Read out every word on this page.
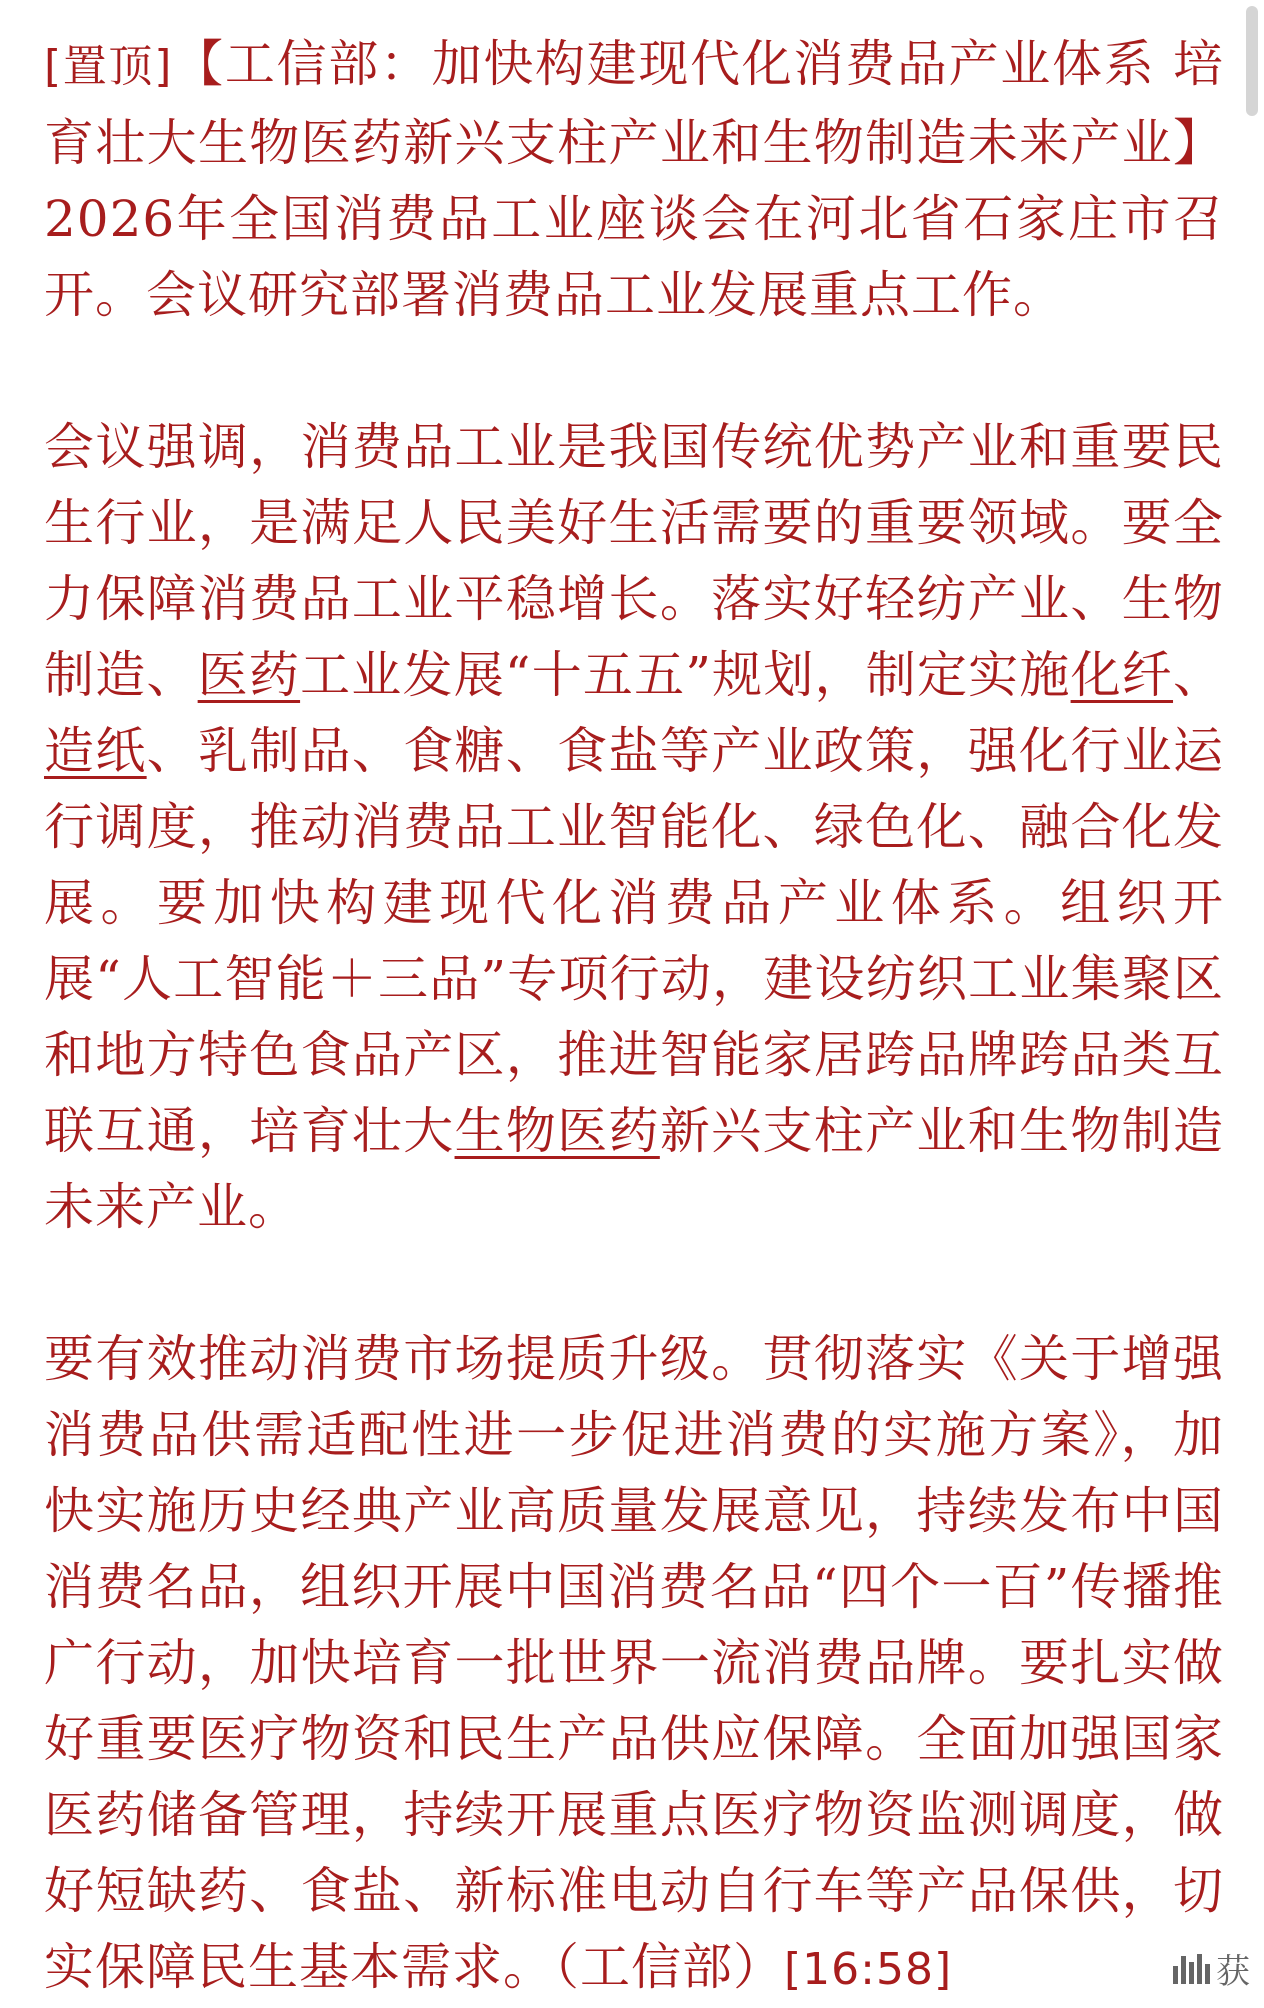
[置顶]【工信部：加快构建现代化消费品产业体系 培育壮大生物医药新兴支柱产业和生物制造未来产业】2026年全国消费品工业座谈会在河北省石家庄市召开。会议研究部署消费品工业发展重点工作。

会议强调，消费品工业是我国传统优势产业和重要民生行业，是满足人民美好生活需要的重要领域。要全力保障消费品工业平稳增长。落实好轻纺产业、生物制造、医药工业发展“十五五”规划，制定实施化纤、造纸、乳制品、食糖、食盐等产业政策，强化行业运行调度，推动消费品工业智能化、绿色化、融合化发展。要加快构建现代化消费品产业体系。组织开展“人工智能＋三品”专项行动，建设纺织工业集聚区和地方特色食品产区，推进智能家居跨品牌跨品类互联互通，培育壮大生物医药新兴支柱产业和生物制造未来产业。

要有效推动消费市场提质升级。贯彻落实《关于增强消费品供需适配性进一步促进消费的实施方案》，加快实施历史经典产业高质量发展意见，持续发布中国消费名品，组织开展中国消费名品“四个一百”传播推广行动，加快培育一批世界一流消费品牌。要扎实做好重要医疗物资和民生产品供应保障。全面加强国家医药储备管理，持续开展重点医疗物资监测调度，做好短缺药、食盐、新标准电动自行车等产品保供，切实保障民生基本需求。（工信部）[16:58]	获
